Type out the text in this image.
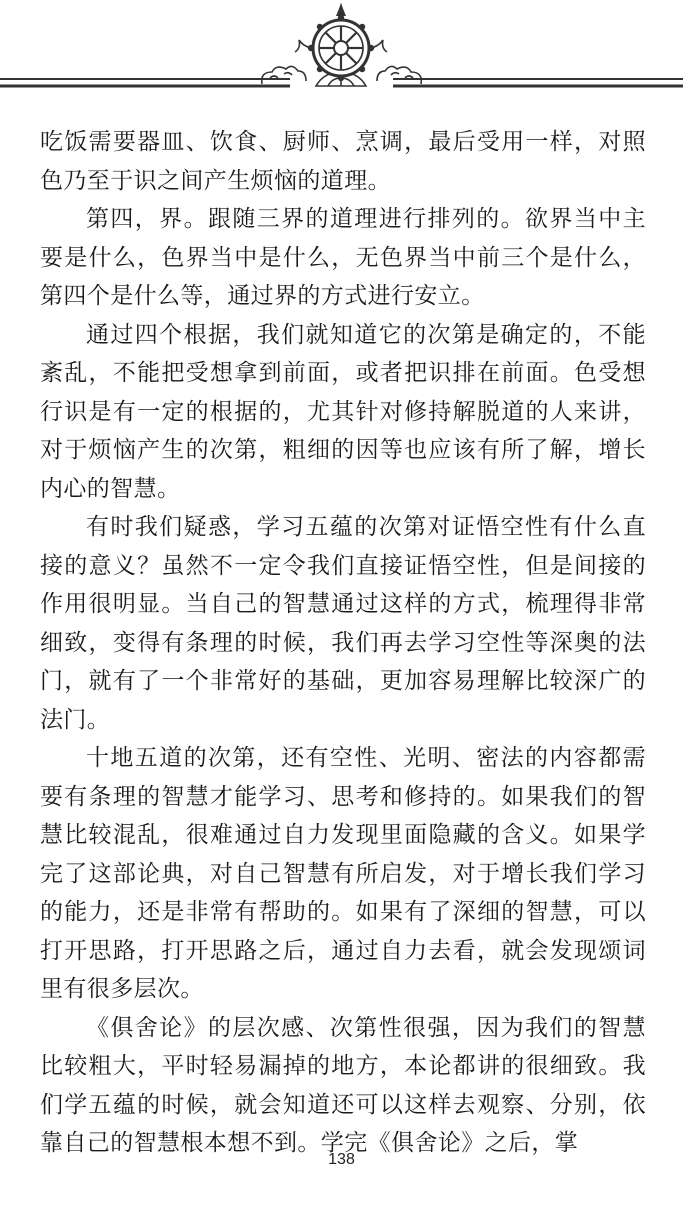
吃饭需要器皿、饮食、厨师、烹调，最后受用一样，对照色乃至于识之间产生烦恼的道理。

第四，界。跟随三界的道理进行排列的。欲界当中主要是什么，色界当中是什么，无色界当中前三个是什么，第四个是什么等，通过界的方式进行安立。

通过四个根据，我们就知道它的次第是确定的，不能紊乱，不能把受想拿到前面，或者把识排在前面。色受想行识是有一定的根据的，尤其针对修持解脱道的人来讲，对于烦恼产生的次第，粗细的因等也应该有所了解，增长内心的智慧。

有时我们疑惑，学习五蕴的次第对证悟空性有什么直接的意义？虽然不一定令我们直接证悟空性，但是间接的作用很明显。当自己的智慧通过这样的方式，梳理得非常细致，变得有条理的时候，我们再去学习空性等深奥的法门，就有了一个非常好的基础，更加容易理解比较深广的法门。

十地五道的次第，还有空性、光明、密法的内容都需要有条理的智慧才能学习、思考和修持的。如果我们的智慧比较混乱，很难通过自力发现里面隐藏的含义。如果学完了这部论典，对自己智慧有所启发，对于增长我们学习的能力，还是非常有帮助的。如果有了深细的智慧，可以打开思路，打开思路之后，通过自力去看，就会发现颂词里有很多层次。

《俱舍论》的层次感、次第性很强，因为我们的智慧比较粗大，平时轻易漏掉的地方，本论都讲的很细致。我们学五蕴的时候，就会知道还可以这样去观察、分别，依靠自己的智慧根本想不到。学完《俱舍论》之后，掌

138
